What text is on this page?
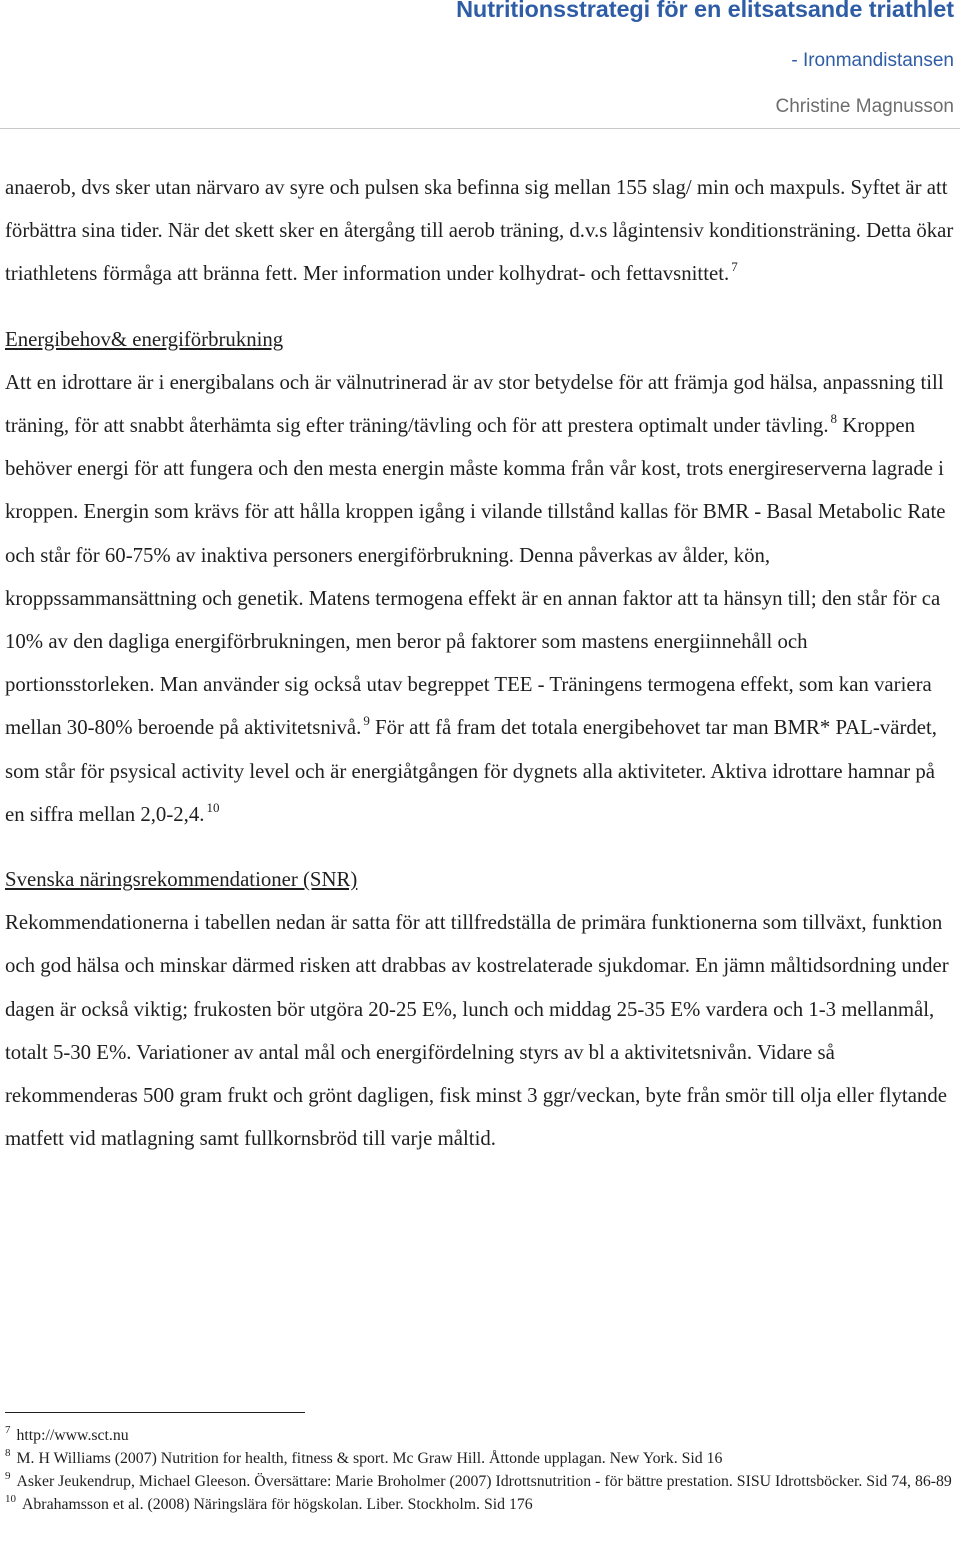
Nutritionsstrategi för en elitsatsande triathlet
- Ironmandistansen
Christine Magnusson

anaerob, dvs sker utan närvaro av syre och pulsen ska befinna sig mellan 155 slag/ min och maxpuls. Syftet är att förbättra sina tider. När det skett sker en återgång till aerob träning, d.v.s lågintensiv konditionsträning. Detta ökar triathletens förmåga att bränna fett. Mer information under kolhydrat- och fettavsnittet. $^7$

Energibehov& energiförbrukning

Att en idrottare är i energibalans och är välnutrinerad är av stor betydelse för att främja god hälsa, anpassning till träning, för att snabbt återhämta sig efter träning/tävling och för att prestera optimalt under tävling. $^8$ Kroppen behöver energi för att fungera och den mesta energin måste komma från vår kost, trots energireserverna lagrade i kroppen. Energin som krävs för att hålla kroppen igång i vilande tillstånd kallas för BMR - Basal Metabolic Rate och står för 60-75% av inaktiva personers energiförbrukning. Denna påverkas av ålder, kön, kroppssammansättning och genetik. Matens termogena effekt är en annan faktor att ta hänsyn till; den står för ca 10% av den dagliga energiförbrukningen, men beror på faktorer som mastens energiinnehåll och portionsstorleken. Man använder sig också utav begreppet TEE - Träningens termogena effekt, som kan variera mellan 30-80% beroende på aktivitetsnivå. $^9$ För att få fram det totala energibehovet tar man BMR* PAL-värdet, som står för psysical activity level och är energiåtgången för dygnets alla aktiviteter. Aktiva idrottare hamnar på en siffra mellan 2,0-2,4. $^{10}$

Svenska näringsrekommendationer (SNR)

Rekommendationerna i tabellen nedan är satta för att tillfredställa de primära funktionerna som tillväxt, funktion och god hälsa och minskar därmed risken att drabbas av kostrelaterade sjukdomar. En jämn måltidsordning under dagen är också viktig; frukosten bör utgöra 20-25 E%, lunch och middag 25-35 E% vardera och 1-3 mellanmål, totalt 5-30 E%. Variationer av antal mål och energifördelning styrs av bl a aktivitetsnivån. Vidare så rekommenderas 500 gram frukt och grönt dagligen, fisk minst 3 ggr/veckan, byte från smör till olja eller flytande matfett vid matlagning samt fullkornsbröd till varje måltid.

$^7$ http://www.sct.nu

$^8$ M. H Williams (2007) Nutrition for health, fitness & sport. Mc Graw Hill. Åttonde upplagan. New York. Sid 16

$^9$ Asker Jeukendrup, Michael Gleeson. Översättare: Marie Broholmer (2007) Idrottsnutrition - för bättre prestation. SISU Idrottsböcker. Sid 74, 86-89

$^{10}$ Abrahamsson et al. (2008) Näringslära för högskolan. Liber. Stockholm. Sid 176
